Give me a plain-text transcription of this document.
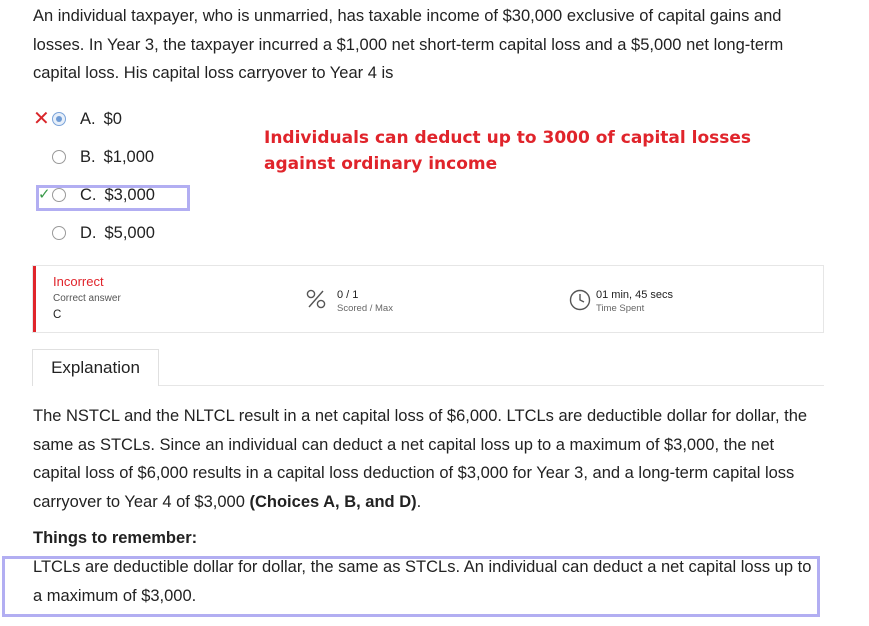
An individual taxpayer, who is unmarried, has taxable income of $30,000 exclusive of capital gains and losses. In Year 3, the taxpayer incurred a $1,000 net short-term capital loss and a $5,000 net long-term capital loss. His capital loss carryover to Year 4 is
✕
✓
A. $0
B. $1,000
C. $3,000
D. $5,000
Individuals can deduct up to 3000 of capital losses
against ordinary income
Incorrect
Correct answer
C
0 / 1
Scored / Max
01 min, 45 secs
Time Spent
Explanation
The NSTCL and the NLTCL result in a net capital loss of $6,000. LTCLs are deductible dollar for dollar, the same as STCLs. Since an individual can deduct a net capital loss up to a maximum of $3,000, the net capital loss of $6,000 results in a capital loss deduction of $3,000 for Year 3, and a long-term capital loss carryover to Year 4 of $3,000 (Choices A, B, and D).
Things to remember:
LTCLs are deductible dollar for dollar, the same as STCLs. An individual can deduct a net capital loss up to a maximum of $3,000.
